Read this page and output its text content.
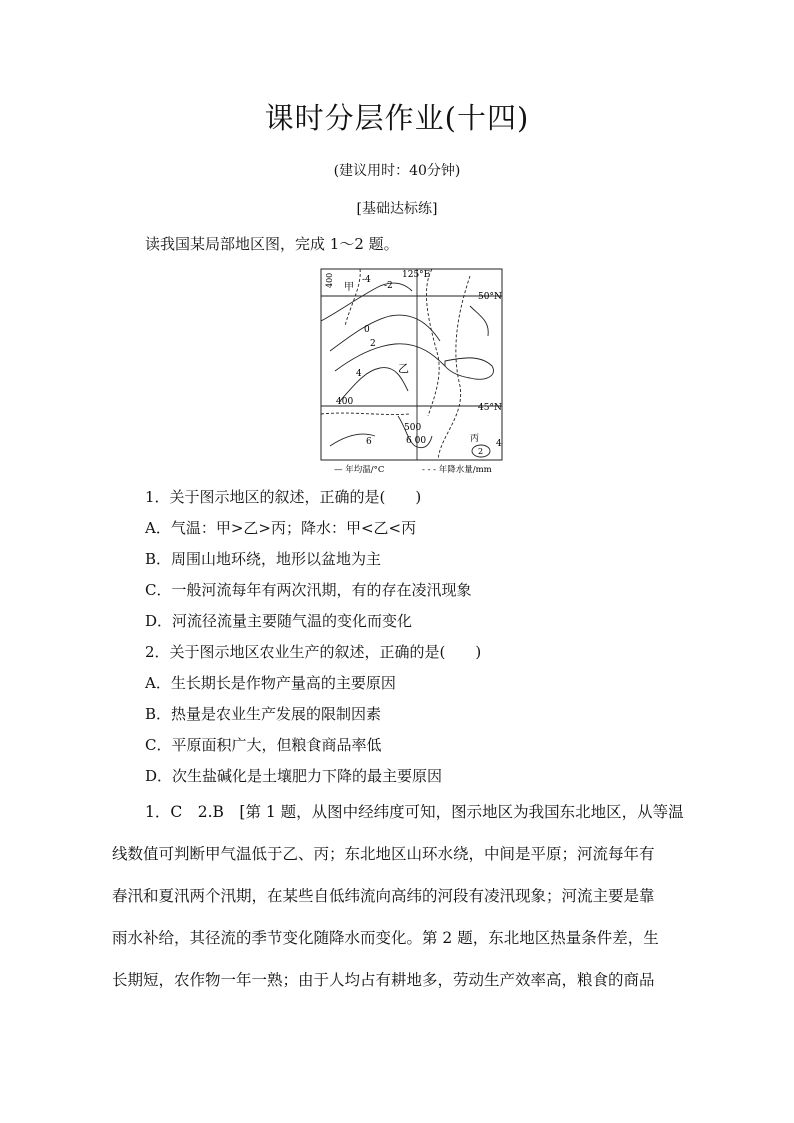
课时分层作业(十四)
(建议用时：40分钟)
[基础达标练]
读我国某局部地区图，完成 1～2 题。
125°E
50°N
45°N
甲
乙
丙
-4
-2
0
2
4
6	4
2
400
400
500
6 00
— 年均温/°C	- - - 年降水量/mm
1．关于图示地区的叙述，正确的是(　　)
A．气温：甲>乙>丙；降水：甲<乙<丙
B．周围山地环绕，地形以盆地为主
C．一般河流每年有两次汛期，有的存在凌汛现象
D．河流径流量主要随气温的变化而变化
2．关于图示地区农业生产的叙述，正确的是(　　)
A．生长期长是作物产量高的主要原因
B．热量是农业生产发展的限制因素
C．平原面积广大，但粮食商品率低
D．次生盐碱化是土壤肥力下降的最主要原因
1．C　2.B　[第 1 题，从图中经纬度可知，图示地区为我国东北地区，从等温
线数值可判断甲气温低于乙、丙；东北地区山环水绕，中间是平原；河流每年有
春汛和夏汛两个汛期，在某些自低纬流向高纬的河段有凌汛现象；河流主要是靠
雨水补给，其径流的季节变化随降水而变化。第 2 题，东北地区热量条件差，生
长期短，农作物一年一熟；由于人均占有耕地多，劳动生产效率高，粮食的商品
